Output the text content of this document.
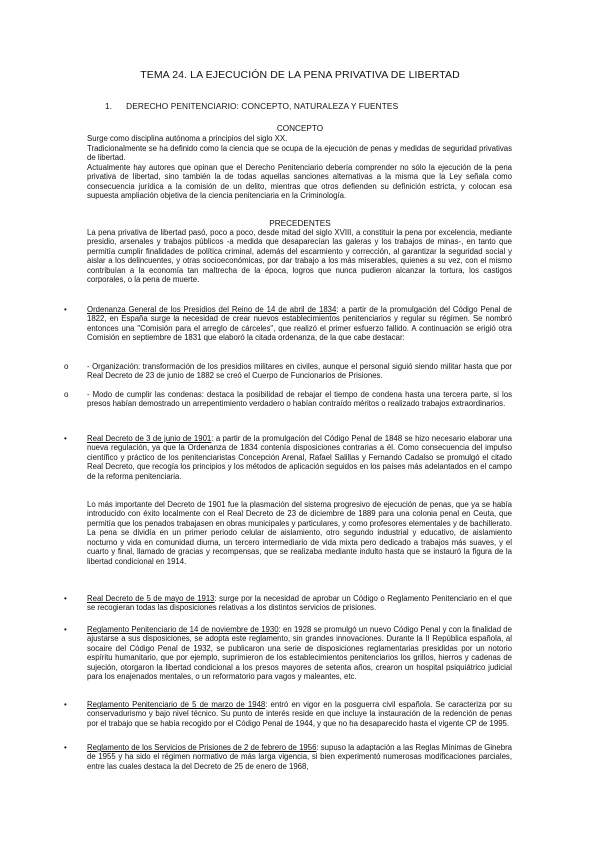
TEMA 24. LA EJECUCIÓN DE LA PENA PRIVATIVA DE LIBERTAD
1. DERECHO PENITENCIARIO: CONCEPTO, NATURALEZA Y FUENTES
CONCEPTO
Surge como disciplina autónoma a principios del siglo XX.
Tradicionalmente se ha definido como la ciencia que se ocupa de la ejecución de penas y medidas de seguridad privativas de libertad.
Actualmente hay autores que opinan que el Derecho Penitenciario debería comprender no sólo la ejecución de la pena privativa de libertad, sino también la de todas aquellas sanciones alternativas a la misma que la Ley señala como consecuencia jurídica a la comisión de un delito, mientras que otros defienden su definición estricta, y colocan esa supuesta ampliación objetiva de la ciencia penitenciaria en la Criminología.
PRECEDENTES
La pena privativa de libertad pasó, poco a poco, desde mitad del siglo XVIII, a constituir la pena por excelencia, mediante presidio, arsenales y trabajos públicos -a medida que desaparecían las galeras y los trabajos de minas-, en tanto que permitía cumplir finalidades de política criminal, además del escarmiento y corrección, al garantizar la seguridad social y aislar a los delincuentes, y otras socioeconómicas, por dar trabajo a los más miserables, quienes a su vez, con el mismo contribuían a la economía tan maltrecha de la época, logros que nunca pudieron alcanzar la tortura, los castigos corporales, o la pena de muerte.
•	Ordenanza General de los Presidios del Reino de 14 de abril de 1834: a partir de la promulgación del Código Penal de 1822, en España surge la necesidad de crear nuevos establecimientos penitenciarios y regular su régimen. Se nombró entonces una "Comisión para el arreglo de cárceles", que realizó el primer esfuerzo fallido. A continuación se erigió otra Comisión en septiembre de 1831 que elaboró la citada ordenanza, de la que cabe destacar:
o - Organización: transformación de los presidios militares en civiles, aunque el personal siguió siendo militar hasta que por Real Decreto de 23 de junio de 1882 se creó el Cuerpo de Funcionarios de Prisiones.
o - Modo de cumplir las condenas: destaca la posibilidad de rebajar el tiempo de condena hasta una tercera parte, si los presos habían demostrado un arrepentimiento verdadero o habían contraído méritos o realizado trabajos extraordinarios.
•	Real Decreto de 3 de junio de 1901: a partir de la promulgación del Código Penal de 1848 se hizo necesario elaborar una nueva regulación, ya que la Ordenanza de 1834 contenía disposiciones contrarias a él. Como consecuencia del impulso científico y práctico de los penitenciaristas Concepción Arenal, Rafael Salillas y Fernando Cadalso se promulgó el citado Real Decreto, que recogía los principios y los métodos de aplicación seguidos en los países más adelantados en el campo de la reforma penitenciaria.
Lo más importante del Decreto de 1901 fue la plasmación del sistema progresivo de ejecución de penas, que ya se había introducido con éxito localmente con el Real Decreto de 23 de diciembre de 1889 para una colonia penal en Ceuta, que permitía que los penados trabajasen en obras municipales y particulares, y como profesores elementales y de bachillerato. La pena se dividía en un primer periodo celular de aislamiento, otro segundo industrial y educativo, de aislamiento nocturno y vida en comunidad diurna, un tercero intermediario de vida mixta pero dedicado a trabajos más suaves, y el cuarto y final, llamado de gracias y recompensas, que se realizaba mediante indulto hasta que se instauró la figura de la libertad condicional en 1914.
•	Real Decreto de 5 de mayo de 1913: surge por la necesidad de aprobar un Código o Reglamento Penitenciario en el que se recogieran todas las disposiciones relativas a los distintos servicios de prisiones.
•	Reglamento Penitenciario de 14 de noviembre de 1930: en 1928 se promulgó un nuevo Código Penal y con la finalidad de ajustarse a sus disposiciones, se adopta este reglamento, sin grandes innovaciones. Durante la II República española, al socaire del Código Penal de 1932, se publicaron una serie de disposiciones reglamentarias presididas por un notorio espíritu humanitario, que por ejemplo, suprimieron de los establecimientos penitenciarios los grillos, hierros y cadenas de sujeción, otorgaron la libertad condicional a los presos mayores de setenta años, crearon un hospital psiquiátrico judicial para los enajenados mentales, o un reformatorio para vagos y maleantes, etc.
•	Reglamento Penitenciario de 5 de marzo de 1948: entró en vigor en la posguerra civil española. Se caracteriza por su conservadurismo y bajo nivel técnico. Su punto de interés reside en que incluye la instauración de la redención de penas por el trabajo que se había recogido por el Código Penal de 1944, y que no ha desaparecido hasta el vigente CP de 1995.
•	Reglamento de los Servicios de Prisiones de 2 de febrero de 1956: supuso la adaptación a las Reglas Mínimas de Ginebra de 1955 y ha sido el régimen normativo de más larga vigencia, si bien experimentó numerosas modificaciones parciales, entre las cuales destaca la del Decreto de 25 de enero de 1968,
